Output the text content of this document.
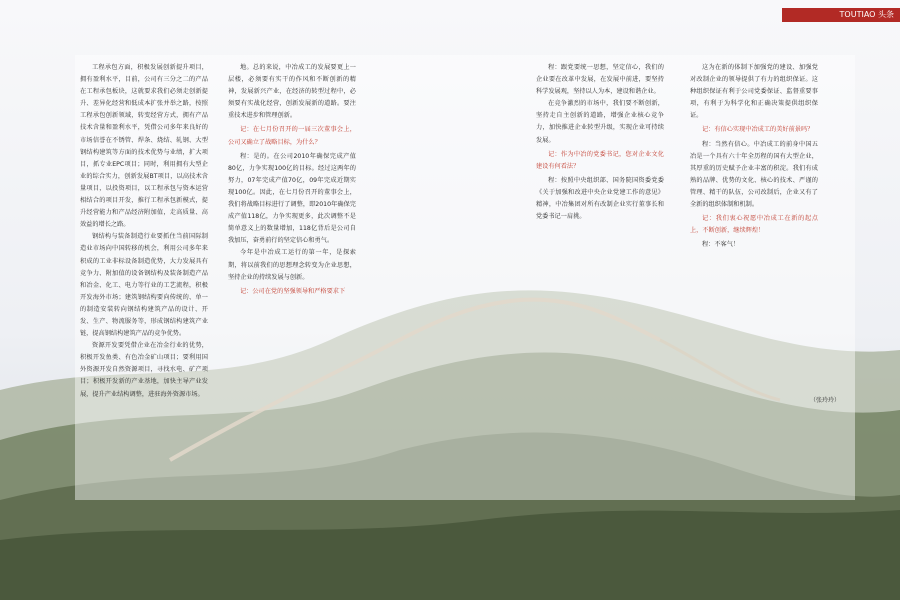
TOUTIAO 头条

工程承包方面，积极发展创新提升项目，拥有盈利水平，目前，公司有三分之二的产品在工程承包板块，这就要求我们必须走创新提升、差异化经营和低成本扩张并举之路，按照工程承包创新领域，转变经营方式，拥有产品技术含量和盈利水平，凭借公司多年来良好的市场信誉在不锈管、焊条、烧结、轧钢、大型钢结构建筑等方面的技术优势与业绩，扩大项目，抓专业EPC项目；同时，利用拥有大型企业的综合实力，创新发展BT项目，以高技术含量项目，以投资项目，以工程承包与资本运营相结合的项目开发，推行工程承包新模式，提升经营能力和产品经济附加值，走高质量、高效益的增长之路。

钢结构与装备制造行业要抓住当前国际制造业市场向中国转移的机会，利用公司多年来积成的工业非标设备制造优势，大力发展具有竞争力、附加值的设备钢结构及装备制造产品和冶金、化工、电力等行业的工艺流程，积极开发海外市场；建筑钢结构要向传统的、单一的制造安装转向钢结构建筑产品的设计、开发、生产、物流服务等，形成钢结构建筑产业链，提高钢结构建筑产品的竞争优势。

资源开发要凭借企业在冶金行业的优势，积极开发鱼类、有色冶金矿山项目；要利用国外资源开发自然资源项目，寻找水电、矿产项目；积极开发新的产业基地，加快主导产业发展，提升产业结构调整，进驻海外资源市场。

地。总的来说，中冶成工的发展要更上一层楼，必须要有实干的作风和不断创新的精神，发展新兴产业，在经济的转型过程中，必须要有实战化经营，创新发展新的道路。要注重技术进步和管理创新。

记：在七月份召开的一届三次董事会上，公司又确立了战略目标，为什么？

程：是的。在公司2010年确保完成产值80亿，力争实现100亿的目标。经过这两年的努力，07年完成产值70亿，09年完成近期实现100亿。因此，在七月份召开的董事会上，我们将战略目标进行了调整，即2010年确保完成产值118亿，力争实现更多，此次调整不是简单意义上的数量增加，118亿背后是公司自我加压，奋勇前行的坚定信心和勇气。

今年是中冶成工运行的第一年，是探索期，将以前我们的思想理念转变为企业思想，坚持企业的持续发展与创新。

记：公司在党的坚强领导和严格要求下

程：跟党要统一思想，坚定信心，我们的企业要在改革中发展，在发展中前进，要坚持科学发展观，坚持以人为本，建设和谐企业。

在竞争激烈的市场中，我们要不断创新，坚持走自主创新的道路，增强企业核心竞争力，加快推进企业转型升级，实现企业可持续发展。

记：作为中冶的党委书记，您对企业文化建设有何看法？

程：按照中央组织部、国务院国资委党委《关于加强和改进中央企业党建工作的意见》精神，中冶集团对所有改制企业实行董事长和党委书记一肩挑。

这为在新的体制下加强党的建设、加强党对改制企业的领导提供了有力的组织保证。这种组织保证有利于公司党委保证、监督重要事项，有利于为科学化和正确决策提供组织保证。

记：有信心实现中冶成工的美好前景吗？

程：当然有信心。中冶成工的前身中国五冶是一个具有六十年全历程的国有大型企业，其厚重的历史赋予企业丰富的积淀。我们有成熟的品牌、优势的文化、核心的技术、严谨的管理、精干的队伍，公司改制后，企业又有了全新的组织体制和机制。

记：我们衷心祝愿中冶成工在新的起点上，不断创新，继续辉煌！

程：不客气！

（张玲玲）
